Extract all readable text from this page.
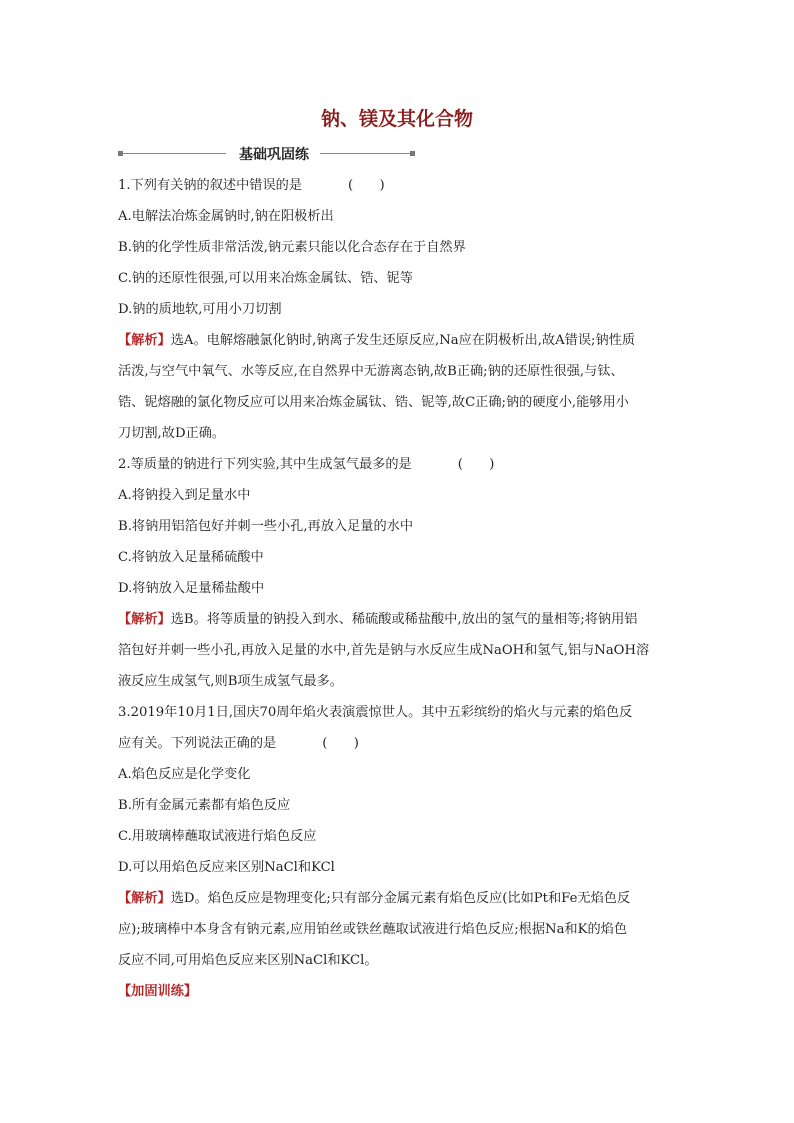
钠、镁及其化合物
基础巩固练

1.下列有关钠的叙述中错误的是	(　　)

A.电解法冶炼金属钠时,钠在阳极析出

B.钠的化学性质非常活泼,钠元素只能以化合态存在于自然界

C.钠的还原性很强,可以用来冶炼金属钛、锆、铌等

D.钠的质地软,可用小刀切割

【解析】选A。电解熔融氯化钠时,钠离子发生还原反应,Na应在阴极析出,故A错误;钠性质

活泼,与空气中氧气、水等反应,在自然界中无游离态钠,故B正确;钠的还原性很强,与钛、

锆、铌熔融的氯化物反应可以用来冶炼金属钛、锆、铌等,故C正确;钠的硬度小,能够用小

刀切割,故D正确。

2.等质量的钠进行下列实验,其中生成氢气最多的是	(　　)

A.将钠投入到足量水中

B.将钠用铝箔包好并刺一些小孔,再放入足量的水中

C.将钠放入足量稀硫酸中

D.将钠放入足量稀盐酸中

【解析】选B。将等质量的钠投入到水、稀硫酸或稀盐酸中,放出的氢气的量相等;将钠用铝

箔包好并刺一些小孔,再放入足量的水中,首先是钠与水反应生成NaOH和氢气,铝与NaOH溶

液反应生成氢气,则B项生成氢气最多。

3.2019年10月1日,国庆70周年焰火表演震惊世人。其中五彩缤纷的焰火与元素的焰色反

应有关。下列说法正确的是	(　　)

A.焰色反应是化学变化

B.所有金属元素都有焰色反应

C.用玻璃棒蘸取试液进行焰色反应

D.可以用焰色反应来区别NaCl和KCl

【解析】选D。焰色反应是物理变化;只有部分金属元素有焰色反应(比如Pt和Fe无焰色反

应);玻璃棒中本身含有钠元素,应用铂丝或铁丝蘸取试液进行焰色反应;根据Na和K的焰色

反应不同,可用焰色反应来区别NaCl和KCl。

【加固训练】
